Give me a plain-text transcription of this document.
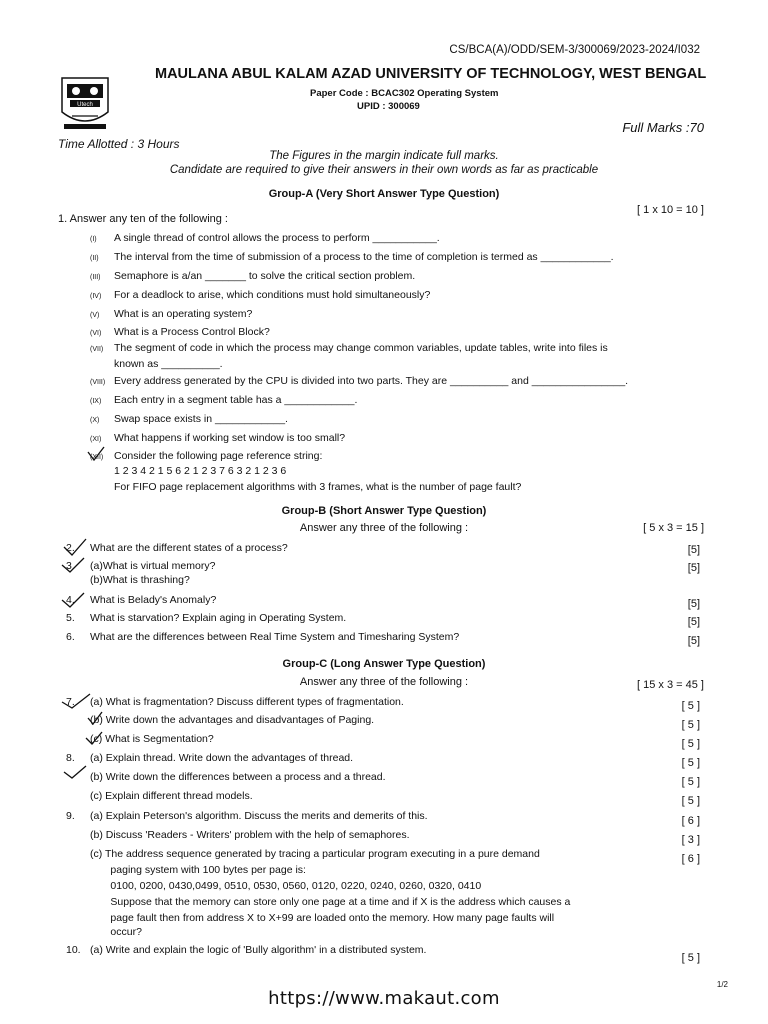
CS/BCA(A)/ODD/SEM-3/300069/2023-2024/I032
Utech
MAULANA ABUL KALAM AZAD UNIVERSITY OF TECHNOLOGY, WEST BENGAL
Paper Code : BCAC302 Operating System
UPID : 300069
Time Allotted : 3 Hours
Full Marks :70
The Figures in the margin indicate full marks.
Candidate are required to give their answers in their own words as far as practicable
Group-A (Very Short Answer Type Question)
[ 1 x 10 = 10 ]
1. Answer any ten of the following :
(I) A single thread of control allows the process to perform ___________.
(II) The interval from the time of submission of a process to the time of completion is termed as ____________.
(III) Semaphore is a/an _______ to solve the critical section problem.
(IV) For a deadlock to arise, which conditions must hold simultaneously?
(V) What is an operating system?
(VI) What is a Process Control Block?
(VII) The segment of code in which the process may change common variables, update tables, write into files is
known as __________.
(VIII) Every address generated by the CPU is divided into two parts. They are __________ and ________________.
(IX) Each entry in a segment table has a ____________.
(X) Swap space exists in ____________.
(XI) What happens if working set window is too small?
(XII) Consider the following page reference string:
1 2 3 4 2 1 5 6 2 1 2 3 7 6 3 2 1 2 3 6
For FIFO page replacement algorithms with 3 frames, what is the number of page fault?
Group-B (Short Answer Type Question)
Answer any three of the following :	[ 5 x 3 = 15 ]
2. What are the different states of a process?	[5]
3. (a)What is virtual memory?	[5]
(b)What is thrashing?
4. What is Belady's Anomaly?	[5]
5. What is starvation? Explain aging in Operating System.	[5]
6. What are the differences between Real Time System and Timesharing System?	[5]
Group-C (Long Answer Type Question)
Answer any three of the following :	[ 15 x 3 = 45 ]
7. (a) What is fragmentation? Discuss different types of fragmentation.	[ 5 ]
(b) Write down the advantages and disadvantages of Paging.	[ 5 ]
(c) What is Segmentation?	[ 5 ]
8. (a) Explain thread. Write down the advantages of thread.	[ 5 ]
(b) Write down the differences between a process and a thread.	[ 5 ]
(c) Explain different thread models.	[ 5 ]
9. (a) Explain Peterson's algorithm. Discuss the merits and demerits of this.	[ 6 ]
(b) Discuss 'Readers - Writers' problem with the help of semaphores.	[ 3 ]
(c) The address sequence generated by tracing a particular program executing in a pure demand	[ 6 ]
paging system with 100 bytes per page is:
0100, 0200, 0430,0499, 0510, 0530, 0560, 0120, 0220, 0240, 0260, 0320, 0410
Suppose that the memory can store only one page at a time and if X is the address which causes a
page fault then from address X to X+99 are loaded onto the memory. How many page faults will
occur?
10. (a) Write and explain the logic of 'Bully algorithm' in a distributed system.
[ 5 ]
1/2
https://www.makaut.com
